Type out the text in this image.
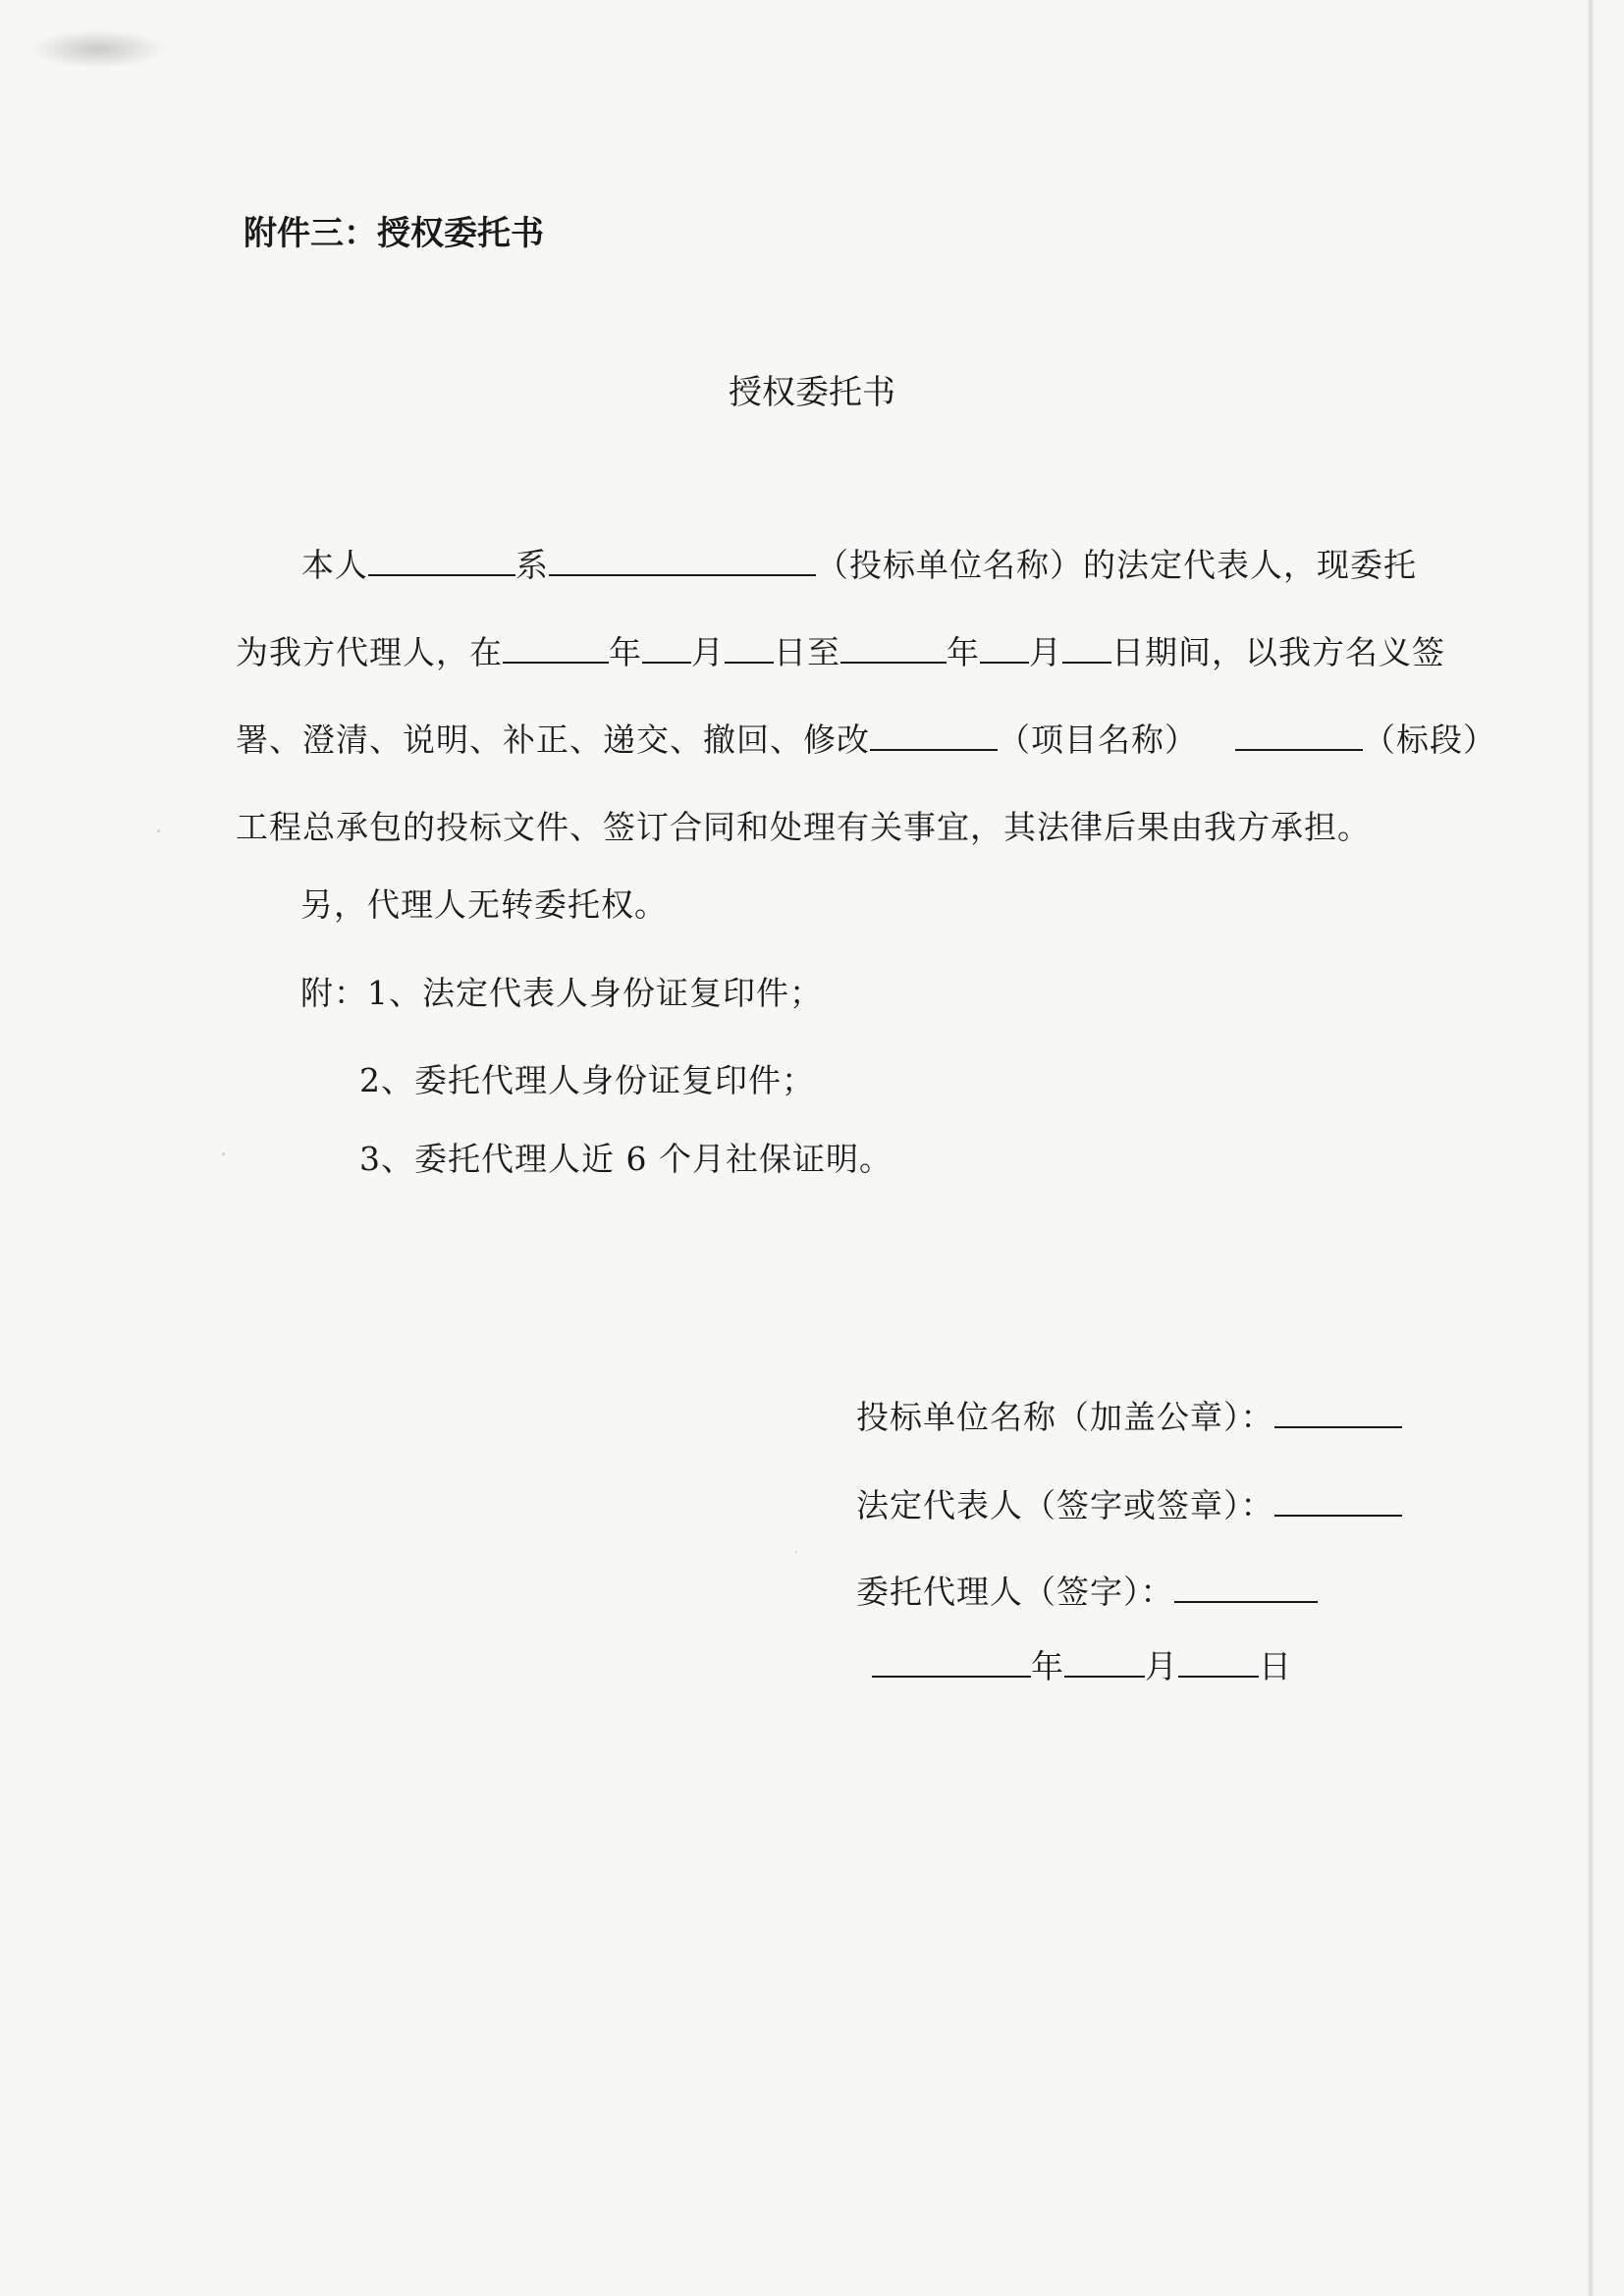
附件三：授权委托书
授权委托书
本人	系	（投标单位名称）的法定代表人，现委托
为我方代理人，在	年 月 日至	年 月 日期间，以我方名义签
署、澄清、说明、补正、递交、撤回、修改	（项目名称）	（标段）
工程总承包的投标文件、签订合同和处理有关事宜，其法律后果由我方承担。
另，代理人无转委托权。
附：1、法定代表人身份证复印件；
2、委托代理人身份证复印件；
3、委托代理人近 6 个月社保证明。
投标单位名称（加盖公章）：
法定代表人（签字或签章）：
委托代理人（签字）：
年 月 日
